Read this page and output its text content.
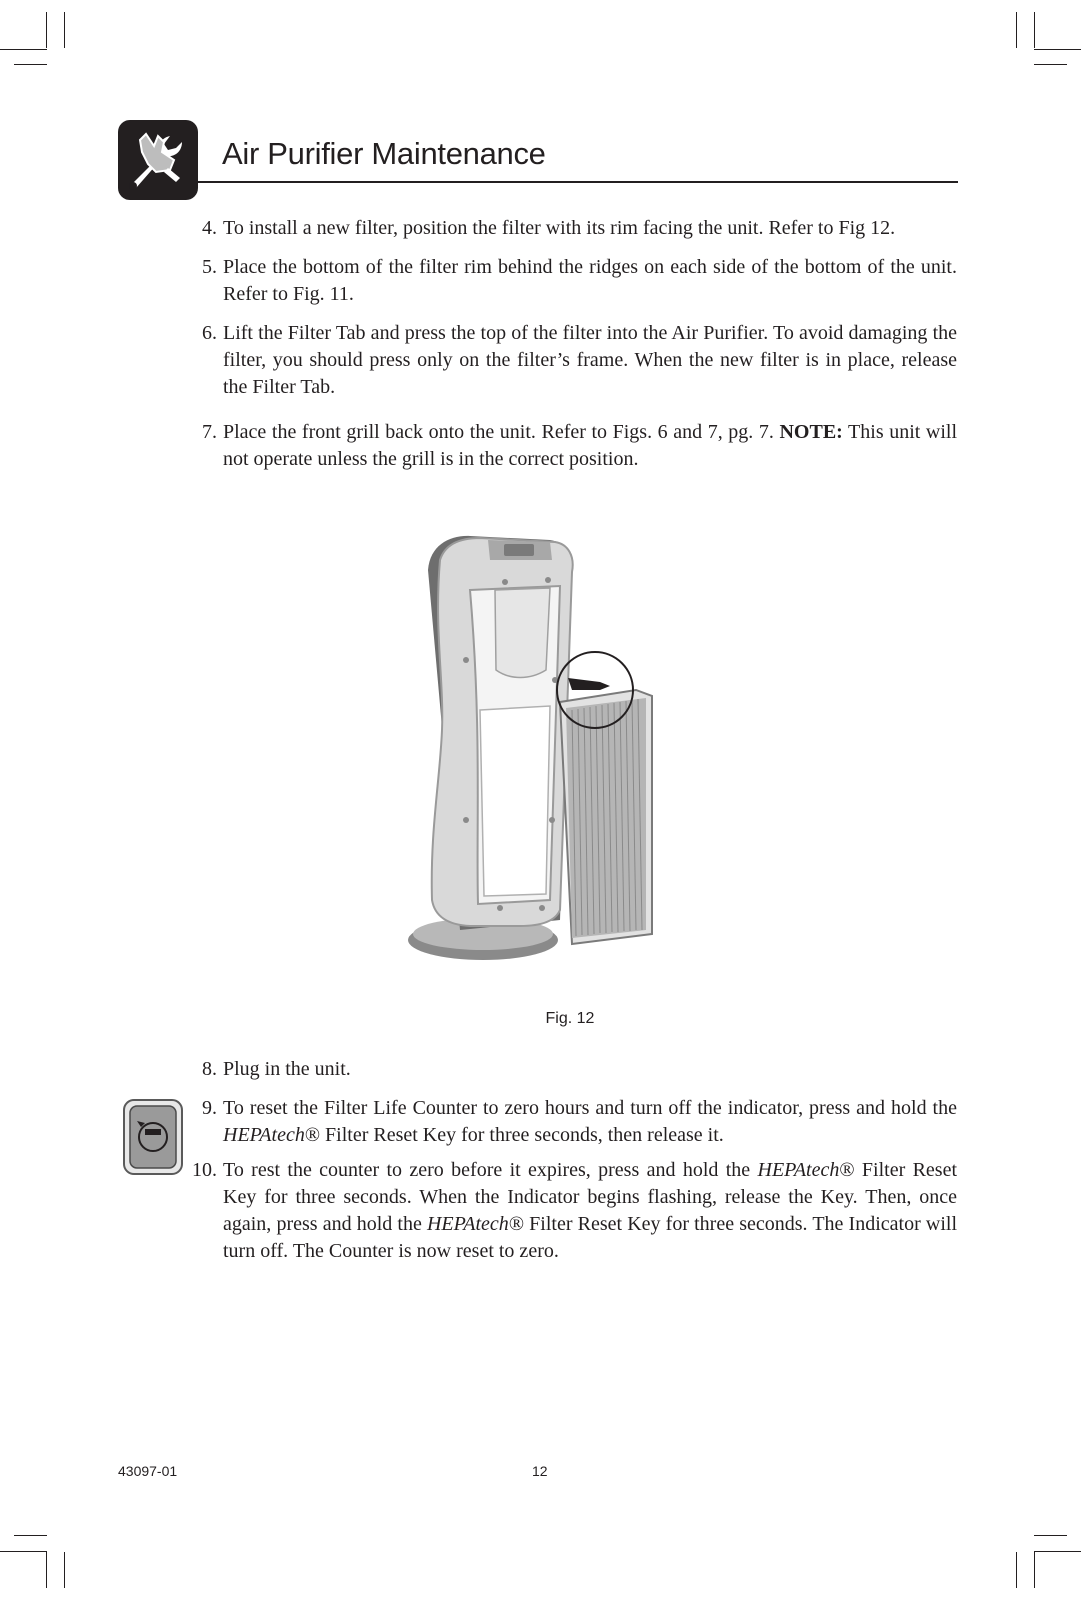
Air Purifier Maintenance
4. To install a new filter, position the filter with its rim facing the unit. Refer to Fig 12.
5. Place the bottom of the filter rim behind the ridges on each side of the bottom of the unit. Refer to Fig. 11.
6. Lift the Filter Tab and press the top of the filter into the Air Purifier. To avoid damaging the filter, you should press only on the filter’s frame. When the new filter is in place, release the Filter Tab.
7. Place the front grill back onto the unit. Refer to Figs. 6 and 7, pg. 7. NOTE: This unit will not operate unless the grill is in the correct position.
Fig. 12
8. Plug in the unit.
9. To reset the Filter Life Counter to zero hours and turn off the indicator, press and hold the HEPAtech® Filter Reset Key for three seconds, then release it.
10. To rest the counter to zero before it expires, press and hold the HEPAtech® Filter Reset Key for three seconds. When the Indicator begins flashing, release the Key. Then, once again, press and hold the HEPAtech® Filter Reset Key for three seconds. The Indicator will turn off. The Counter is now reset to zero.
43097-01	12
